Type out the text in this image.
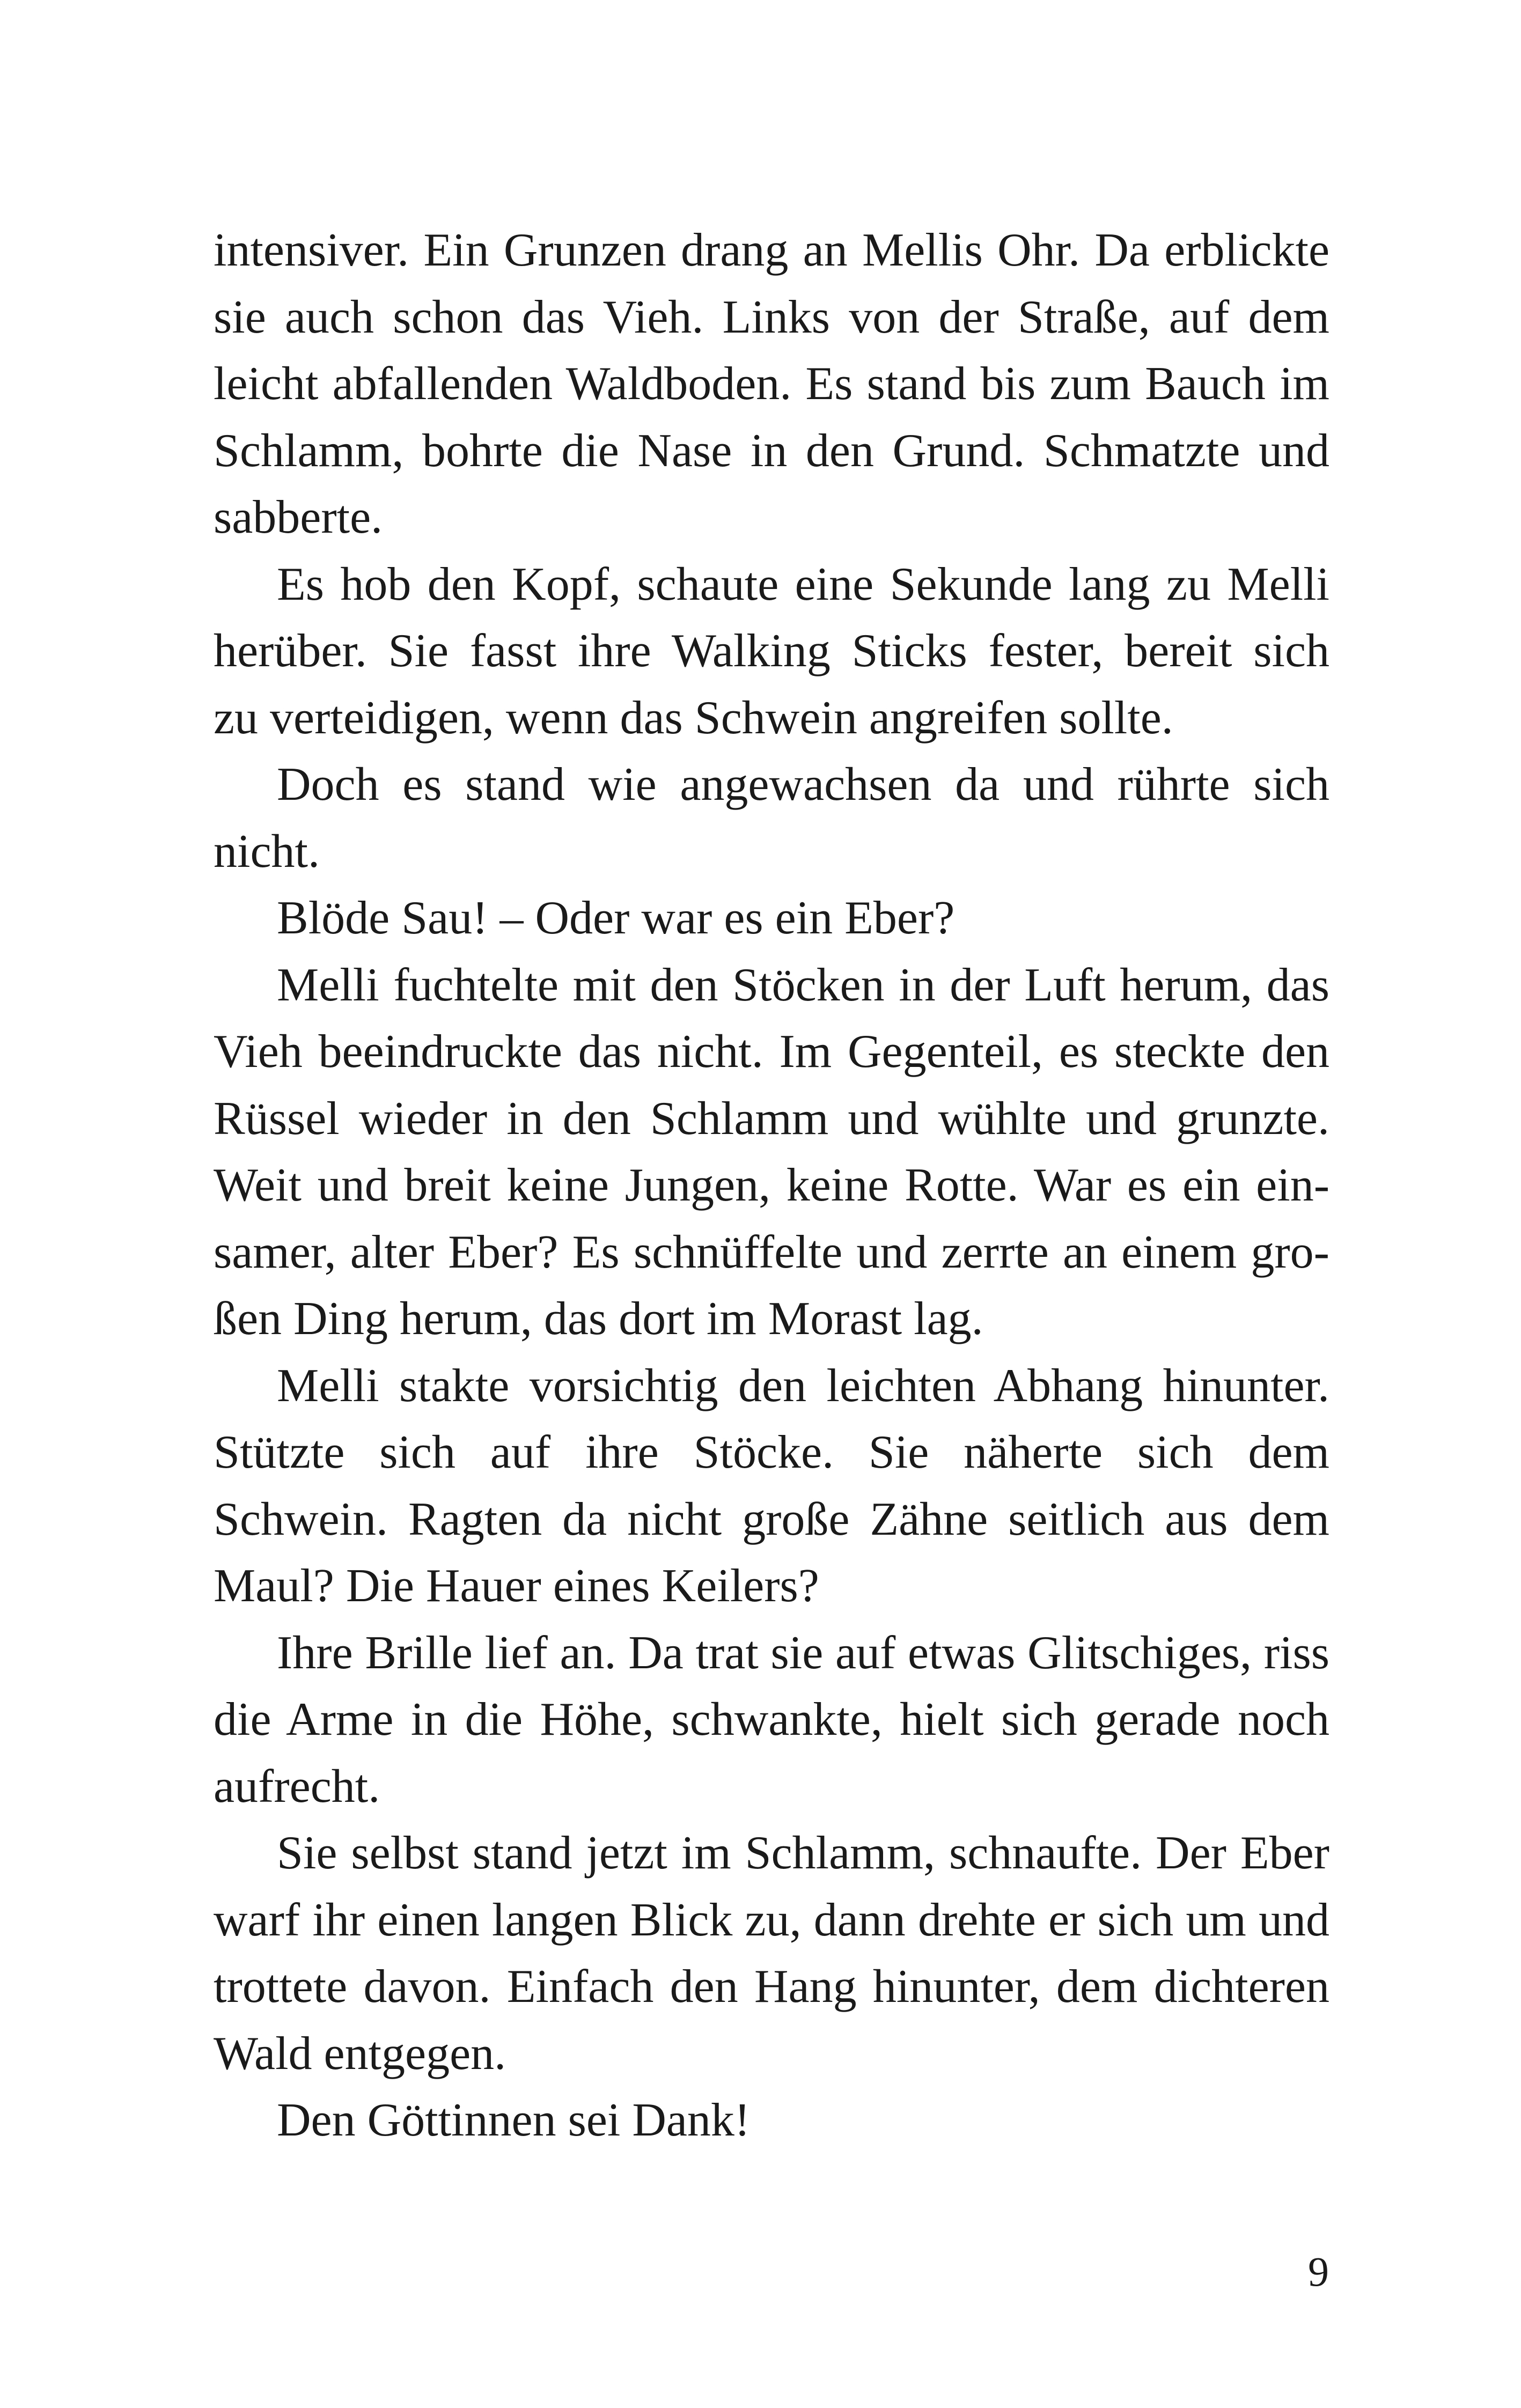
intensiver. Ein Grunzen drang an Mellis Ohr. Da erblickte
sie auch schon das Vieh. Links von der Straße, auf dem
leicht abfallenden Waldboden. Es stand bis zum Bauch im
Schlamm, bohrte die Nase in den Grund. Schmatzte und
sabberte.
Es hob den Kopf, schaute eine Sekunde lang zu Melli
herüber. Sie fasst ihre Walking Sticks fester, bereit sich
zu verteidigen, wenn das Schwein angreifen sollte.
Doch es stand wie angewachsen da und rührte sich
nicht.
Blöde Sau! – Oder war es ein Eber?
Melli fuchtelte mit den Stöcken in der Luft herum, das
Vieh beeindruckte das nicht. Im Gegenteil, es steckte den
Rüssel wieder in den Schlamm und wühlte und grunzte.
Weit und breit keine Jungen, keine Rotte. War es ein ein-
samer, alter Eber? Es schnüffelte und zerrte an einem gro-
ßen Ding herum, das dort im Morast lag.
Melli stakte vorsichtig den leichten Abhang hinunter.
Stützte sich auf ihre Stöcke. Sie näherte sich dem
Schwein. Ragten da nicht große Zähne seitlich aus dem
Maul? Die Hauer eines Keilers?
Ihre Brille lief an. Da trat sie auf etwas Glitschiges, riss
die Arme in die Höhe, schwankte, hielt sich gerade noch
aufrecht.
Sie selbst stand jetzt im Schlamm, schnaufte. Der Eber
warf ihr einen langen Blick zu, dann drehte er sich um und
trottete davon. Einfach den Hang hinunter, dem dichteren
Wald entgegen.
Den Göttinnen sei Dank!
9
